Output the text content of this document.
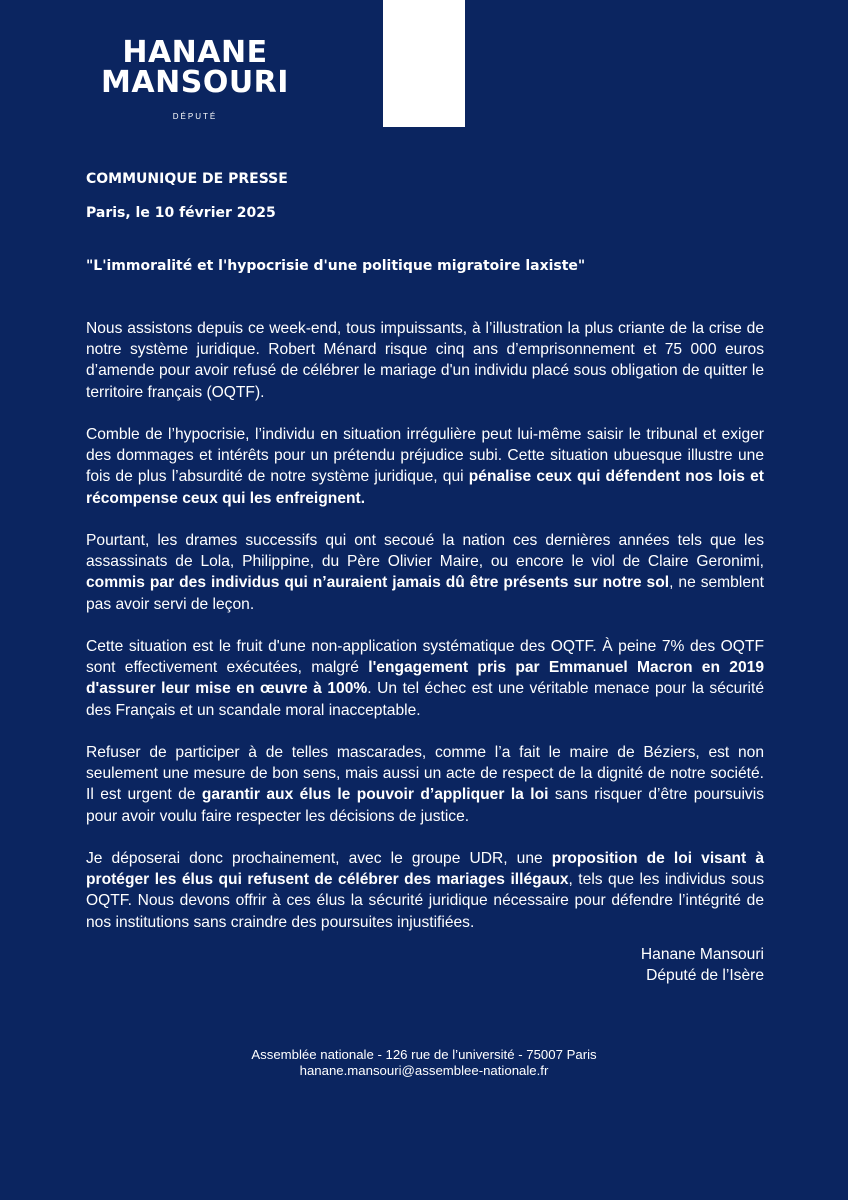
HANANE
MANSOURI
DÉPUTÉ
COMMUNIQUE DE PRESSE
Paris, le 10 février 2025
"L'immoralité et l'hypocrisie d'une politique migratoire laxiste"

Nous assistons depuis ce week-end, tous impuissants, à l’illustration la plus criante de la crise de notre système juridique. Robert Ménard risque cinq ans d’emprisonnement et 75 000 euros d’amende pour avoir refusé de célébrer le mariage d'un individu placé sous obligation de quitter le territoire français (OQTF).

Comble de l’hypocrisie, l’individu en situation irrégulière peut lui-même saisir le tribunal et exiger des dommages et intérêts pour un prétendu préjudice subi. Cette situation ubuesque illustre une fois de plus l’absurdité de notre système juridique, qui pénalise ceux qui défendent nos lois et récompense ceux qui les enfreignent.

Pourtant, les drames successifs qui ont secoué la nation ces dernières années tels que les assassinats de Lola, Philippine, du Père Olivier Maire, ou encore le viol de Claire Geronimi, commis par des individus qui n’auraient jamais dû être présents sur notre sol, ne semblent pas avoir servi de leçon.

Cette situation est le fruit d'une non-application systématique des OQTF. À peine 7% des OQTF sont effectivement exécutées, malgré l'engagement pris par Emmanuel Macron en 2019 d'assurer leur mise en œuvre à 100%. Un tel échec est une véritable menace pour la sécurité des Français et un scandale moral inacceptable.

Refuser de participer à de telles mascarades, comme l’a fait le maire de Béziers, est non seulement une mesure de bon sens, mais aussi un acte de respect de la dignité de notre société. Il est urgent de garantir aux élus le pouvoir d’appliquer la loi sans risquer d’être poursuivis pour avoir voulu faire respecter les décisions de justice.

Je déposerai donc prochainement, avec le groupe UDR, une proposition de loi visant à protéger les élus qui refusent de célébrer des mariages illégaux, tels que les individus sous OQTF. Nous devons offrir à ces élus la sécurité juridique nécessaire pour défendre l’intégrité de nos institutions sans craindre des poursuites injustifiées.

Hanane Mansouri
Député de l’Isère
Assemblée nationale - 126 rue de l’université - 75007 Paris
hanane.mansouri@assemblee-nationale.fr
